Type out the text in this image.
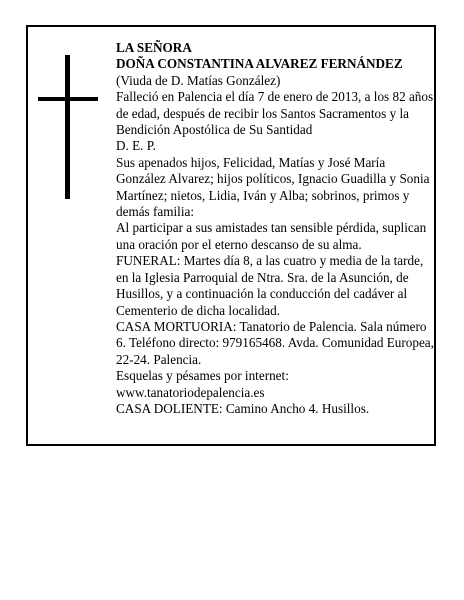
LA SEÑORA

DOÑA CONSTANTINA ALVAREZ FERNÁNDEZ

(Viuda de D. Matías González)

Falleció en Palencia el día 7 de enero de 2013, a los 82 años de edad, después de recibir los Santos Sacramentos y la Bendición Apostólica de Su Santidad

D. E. P.

Sus apenados hijos, Felicidad, Matías y José María González Alvarez; hijos políticos, Ignacio Guadilla y Sonia Martínez; nietos, Lidia, Iván y Alba; sobrinos, primos y demás familia:

Al participar a sus amistades tan sensible pérdida, suplican una oración por el eterno descanso de su alma.

FUNERAL: Martes día 8, a las cuatro y media de la tarde, en la Iglesia Parroquial de Ntra. Sra. de la Asunción, de Husillos, y a continuación la conducción del cadáver al Cementerio de dicha localidad.

CASA MORTUORIA: Tanatorio de Palencia. Sala número 6. Teléfono directo: 979165468. Avda. Comunidad Europea, 22-24. Palencia.

Esquelas y pésames por internet: www.tanatoriodepalencia.es

CASA DOLIENTE: Camino Ancho 4. Husillos.
